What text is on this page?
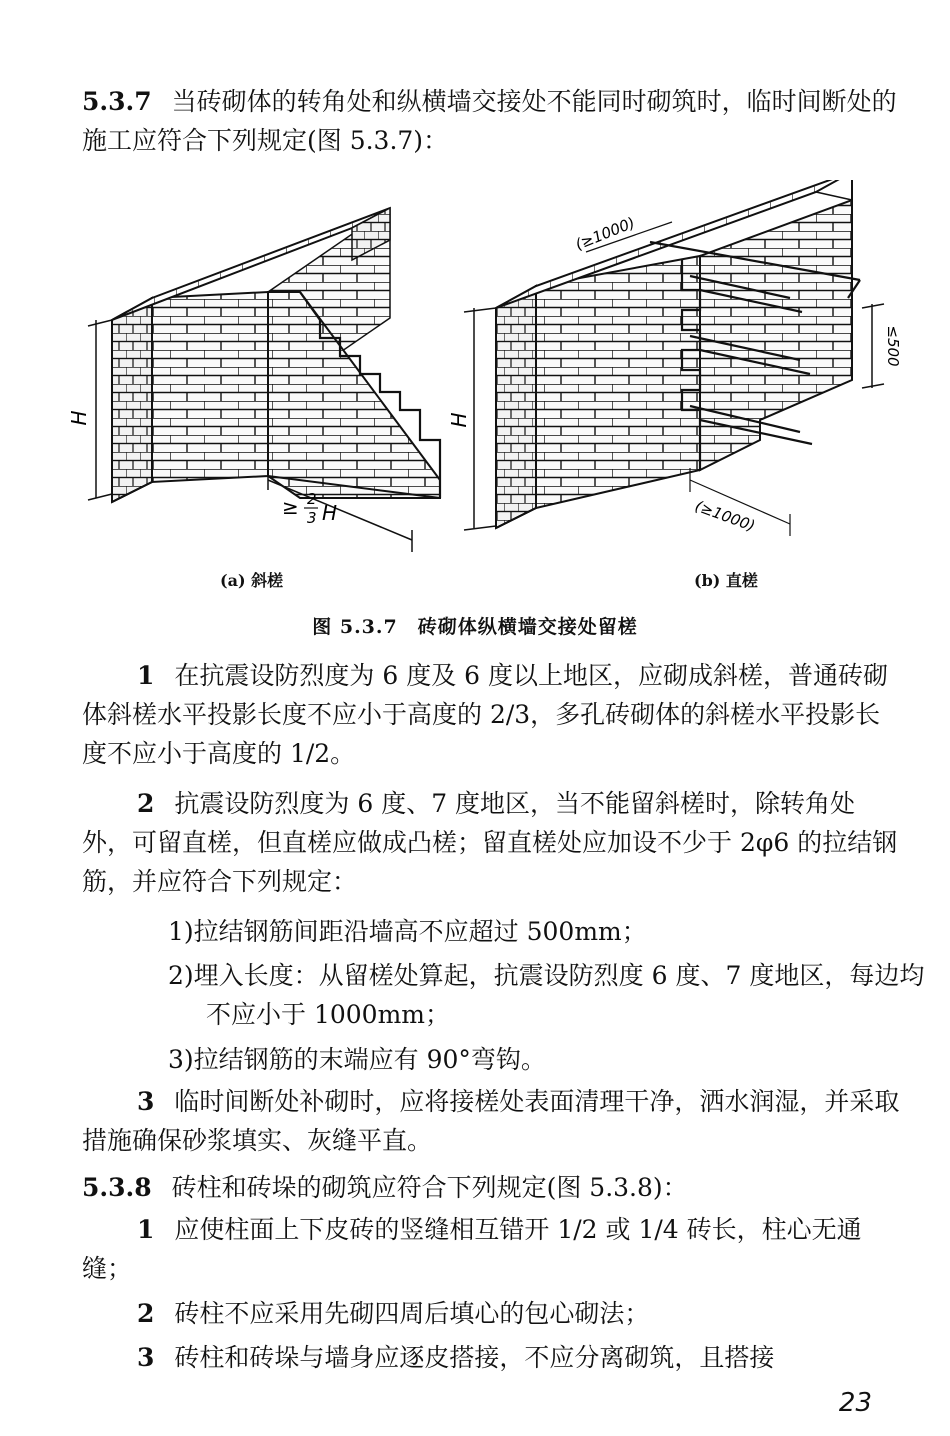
5.3.7 当砖砌体的转角处和纵横墙交接处不能同时砌筑时，临时间断处的施工应符合下列规定(图 5.3.7)：
H
≥ 2
3 H
H
(≥1000)
≤500
(≥1000)
(a) 斜槎	(b) 直槎
图 5.3.7　砖砌体纵横墙交接处留槎
1 在抗震设防烈度为 6 度及 6 度以上地区，应砌成斜槎，普通砖砌体斜槎水平投影长度不应小于高度的 2/3，多孔砖砌体的斜槎水平投影长度不应小于高度的 1/2。
2 抗震设防烈度为 6 度、7 度地区，当不能留斜槎时，除转角处外，可留直槎，但直槎应做成凸槎；留直槎处应加设不少于 2φ6 的拉结钢筋，并应符合下列规定：
1)拉结钢筋间距沿墙高不应超过 500mm；
2)埋入长度：从留槎处算起，抗震设防烈度 6 度、7 度地区，每边均不应小于 1000mm；
3)拉结钢筋的末端应有 90°弯钩。
3 临时间断处补砌时，应将接槎处表面清理干净，洒水润湿，并采取措施确保砂浆填实、灰缝平直。
5.3.8 砖柱和砖垛的砌筑应符合下列规定(图 5.3.8)：
1 应使柱面上下皮砖的竖缝相互错开 1/2 或 1/4 砖长，柱心无通缝；
2 砖柱不应采用先砌四周后填心的包心砌法；
3 砖柱和砖垛与墙身应逐皮搭接，不应分离砌筑，且搭接
23
